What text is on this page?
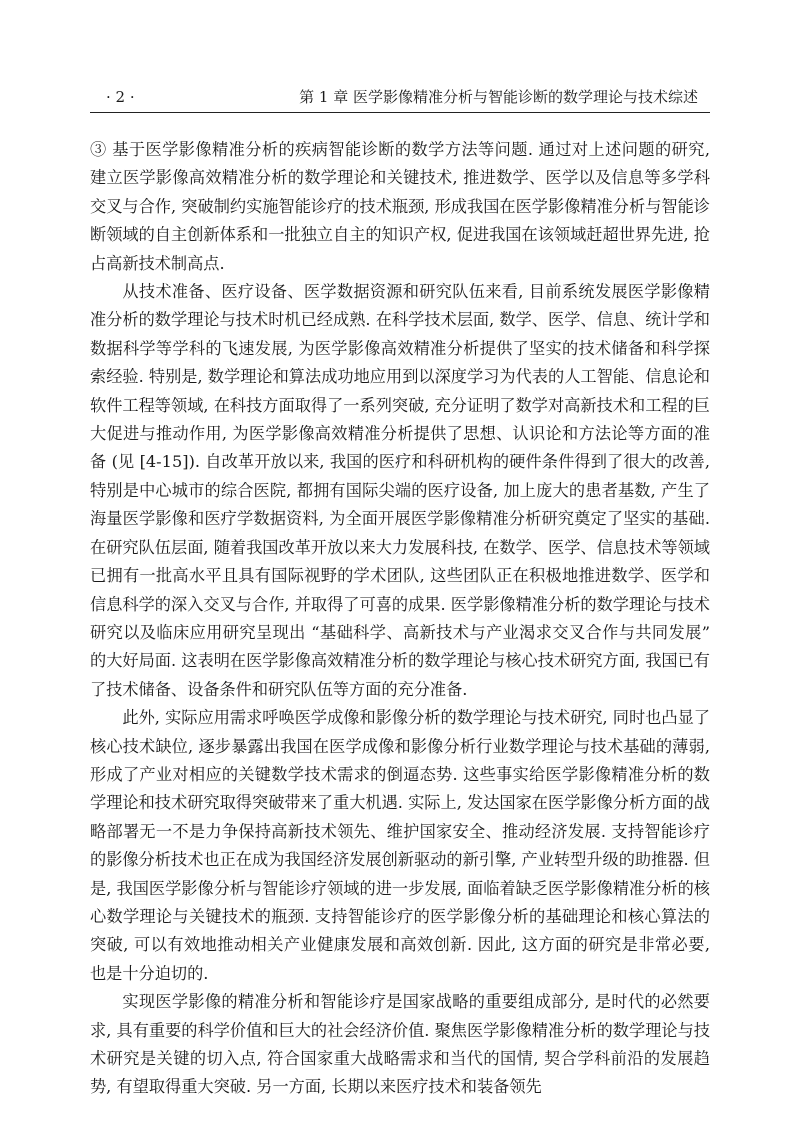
· 2 ·	第 1 章 医学影像精准分析与智能诊断的数学理论与技术综述

③ 基于医学影像精准分析的疾病智能诊断的数学方法等问题. 通过对上述问题的研究, 建立医学影像高效精准分析的数学理论和关键技术, 推进数学、医学以及信息等多学科交叉与合作, 突破制约实施智能诊疗的技术瓶颈, 形成我国在医学影像精准分析与智能诊断领域的自主创新体系和一批独立自主的知识产权, 促进我国在该领域赶超世界先进, 抢占高新技术制高点.

从技术准备、医疗设备、医学数据资源和研究队伍来看, 目前系统发展医学影像精准分析的数学理论与技术时机已经成熟. 在科学技术层面, 数学、医学、信息、统计学和数据科学等学科的飞速发展, 为医学影像高效精准分析提供了坚实的技术储备和科学探索经验. 特别是, 数学理论和算法成功地应用到以深度学习为代表的人工智能、信息论和软件工程等领域, 在科技方面取得了一系列突破, 充分证明了数学对高新技术和工程的巨大促进与推动作用, 为医学影像高效精准分析提供了思想、认识论和方法论等方面的准备 (见 [4-15]). 自改革开放以来, 我国的医疗和科研机构的硬件条件得到了很大的改善, 特别是中心城市的综合医院, 都拥有国际尖端的医疗设备, 加上庞大的患者基数, 产生了海量医学影像和医疗学数据资料, 为全面开展医学影像精准分析研究奠定了坚实的基础. 在研究队伍层面, 随着我国改革开放以来大力发展科技, 在数学、医学、信息技术等领域已拥有一批高水平且具有国际视野的学术团队, 这些团队正在积极地推进数学、医学和信息科学的深入交叉与合作, 并取得了可喜的成果. 医学影像精准分析的数学理论与技术研究以及临床应用研究呈现出 “基础科学、高新技术与产业渴求交叉合作与共同发展” 的大好局面. 这表明在医学影像高效精准分析的数学理论与核心技术研究方面, 我国已有了技术储备、设备条件和研究队伍等方面的充分准备.

此外, 实际应用需求呼唤医学成像和影像分析的数学理论与技术研究, 同时也凸显了核心技术缺位, 逐步暴露出我国在医学成像和影像分析行业数学理论与技术基础的薄弱, 形成了产业对相应的关键数学技术需求的倒逼态势. 这些事实给医学影像精准分析的数学理论和技术研究取得突破带来了重大机遇. 实际上, 发达国家在医学影像分析方面的战略部署无一不是力争保持高新技术领先、维护国家安全、推动经济发展. 支持智能诊疗的影像分析技术也正在成为我国经济发展创新驱动的新引擎, 产业转型升级的助推器. 但是, 我国医学影像分析与智能诊疗领域的进一步发展, 面临着缺乏医学影像精准分析的核心数学理论与关键技术的瓶颈. 支持智能诊疗的医学影像分析的基础理论和核心算法的突破, 可以有效地推动相关产业健康发展和高效创新. 因此, 这方面的研究是非常必要, 也是十分迫切的.

实现医学影像的精准分析和智能诊疗是国家战略的重要组成部分, 是时代的必然要求, 具有重要的科学价值和巨大的社会经济价值. 聚焦医学影像精准分析的数学理论与技术研究是关键的切入点, 符合国家重大战略需求和当代的国情, 契合学科前沿的发展趋势, 有望取得重大突破. 另一方面, 长期以来医疗技术和装备领先
